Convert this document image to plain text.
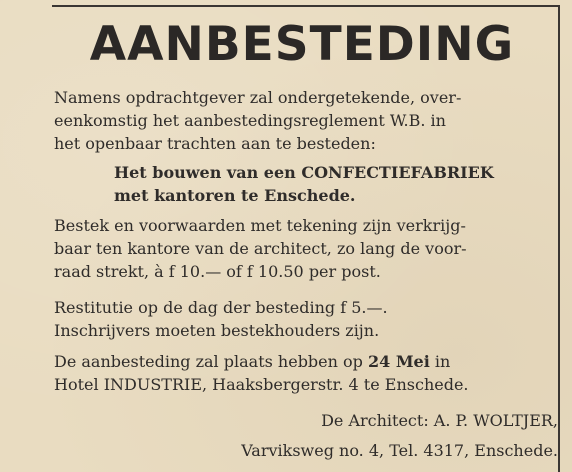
AANBESTEDING
Namens opdrachtgever zal ondergetekende, over-
eenkomstig het aanbestedingsreglement W.B. in
het openbaar trachten aan te besteden:
Het bouwen van een CONFECTIEFABRIEK
met kantoren te Enschede.
Bestek en voorwaarden met tekening zijn verkrijg-
baar ten kantore van de architect, zo lang de voor-
raad strekt, à f 10.— of f 10.50 per post.
Restitutie op de dag der besteding f 5.—.
Inschrijvers moeten bestekhouders zijn.
De aanbesteding zal plaats hebben op 24 Mei in
Hotel INDUSTRIE, Haaksbergerstr. 4 te Enschede.
De Architect: A. P. WOLTJER,
Varviksweg no. 4, Tel. 4317, Enschede.
